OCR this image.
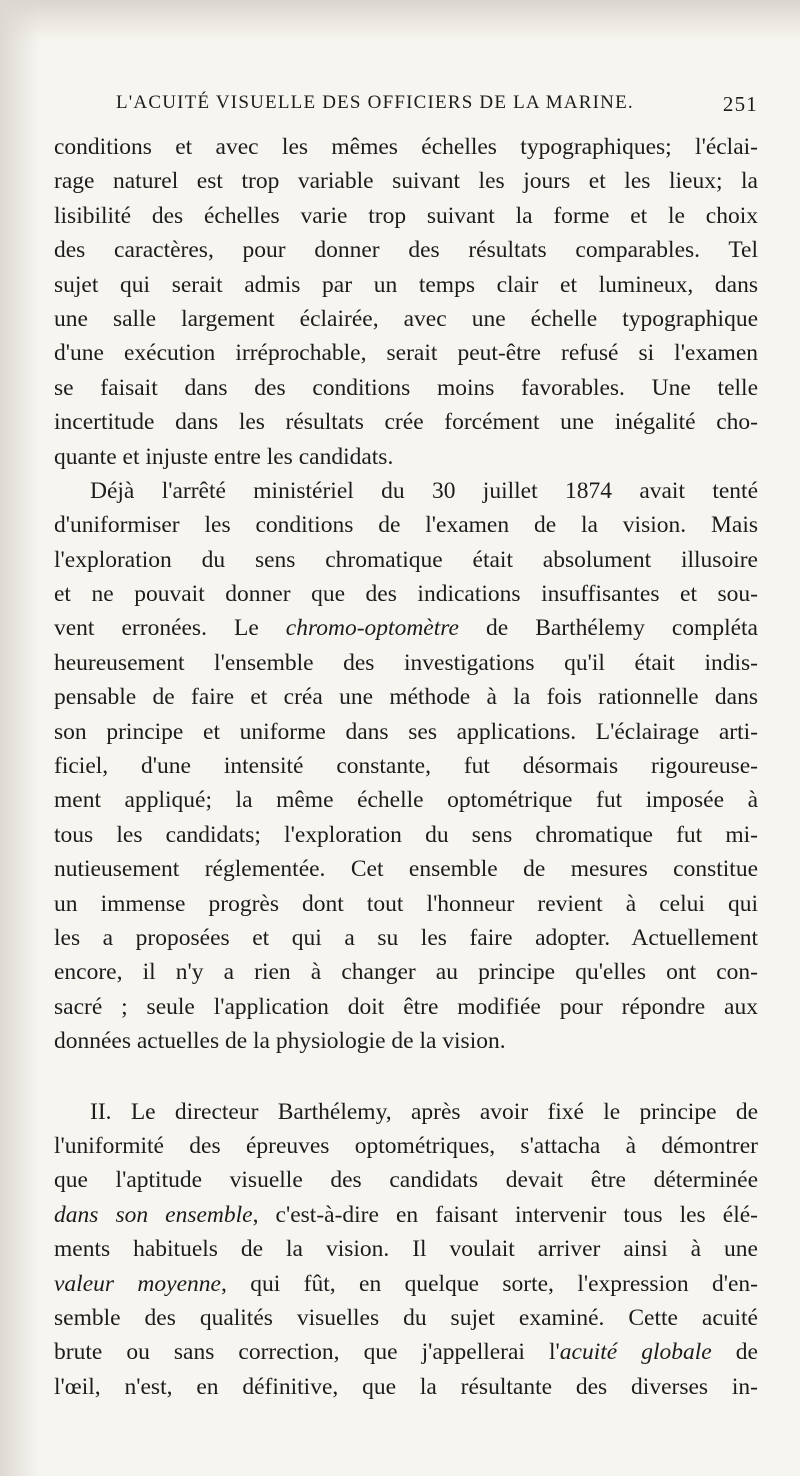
L'ACUITÉ VISUELLE DES OFFICIERS DE LA MARINE.	251
conditions et avec les mêmes échelles typographiques; l'éclai-
rage naturel est trop variable suivant les jours et les lieux; la
lisibilité des échelles varie trop suivant la forme et le choix
des caractères, pour donner des résultats comparables. Tel
sujet qui serait admis par un temps clair et lumineux, dans
une salle largement éclairée, avec une échelle typographique
d'une exécution irréprochable, serait peut-être refusé si l'examen
se faisait dans des conditions moins favorables. Une telle
incertitude dans les résultats crée forcément une inégalité cho-
quante et injuste entre les candidats.
Déjà l'arrêté ministériel du 30 juillet 1874 avait tenté
d'uniformiser les conditions de l'examen de la vision. Mais
l'exploration du sens chromatique était absolument illusoire
et ne pouvait donner que des indications insuffisantes et sou-
vent erronées. Le chromo-optomètre de Barthélemy compléta
heureusement l'ensemble des investigations qu'il était indis-
pensable de faire et créa une méthode à la fois rationnelle dans
son principe et uniforme dans ses applications. L'éclairage arti-
ficiel, d'une intensité constante, fut désormais rigoureuse-
ment appliqué; la même échelle optométrique fut imposée à
tous les candidats; l'exploration du sens chromatique fut mi-
nutieusement réglementée. Cet ensemble de mesures constitue
un immense progrès dont tout l'honneur revient à celui qui
les a proposées et qui a su les faire adopter. Actuellement
encore, il n'y a rien à changer au principe qu'elles ont con-
sacré ; seule l'application doit être modifiée pour répondre aux
données actuelles de la physiologie de la vision.
II. Le directeur Barthélemy, après avoir fixé le principe de
l'uniformité des épreuves optométriques, s'attacha à démontrer
que l'aptitude visuelle des candidats devait être déterminée
dans son ensemble, c'est-à-dire en faisant intervenir tous les élé-
ments habituels de la vision. Il voulait arriver ainsi à une
valeur moyenne, qui fût, en quelque sorte, l'expression d'en-
semble des qualités visuelles du sujet examiné. Cette acuité
brute ou sans correction, que j'appellerai l'acuité globale de
l'œil, n'est, en définitive, que la résultante des diverses in-
